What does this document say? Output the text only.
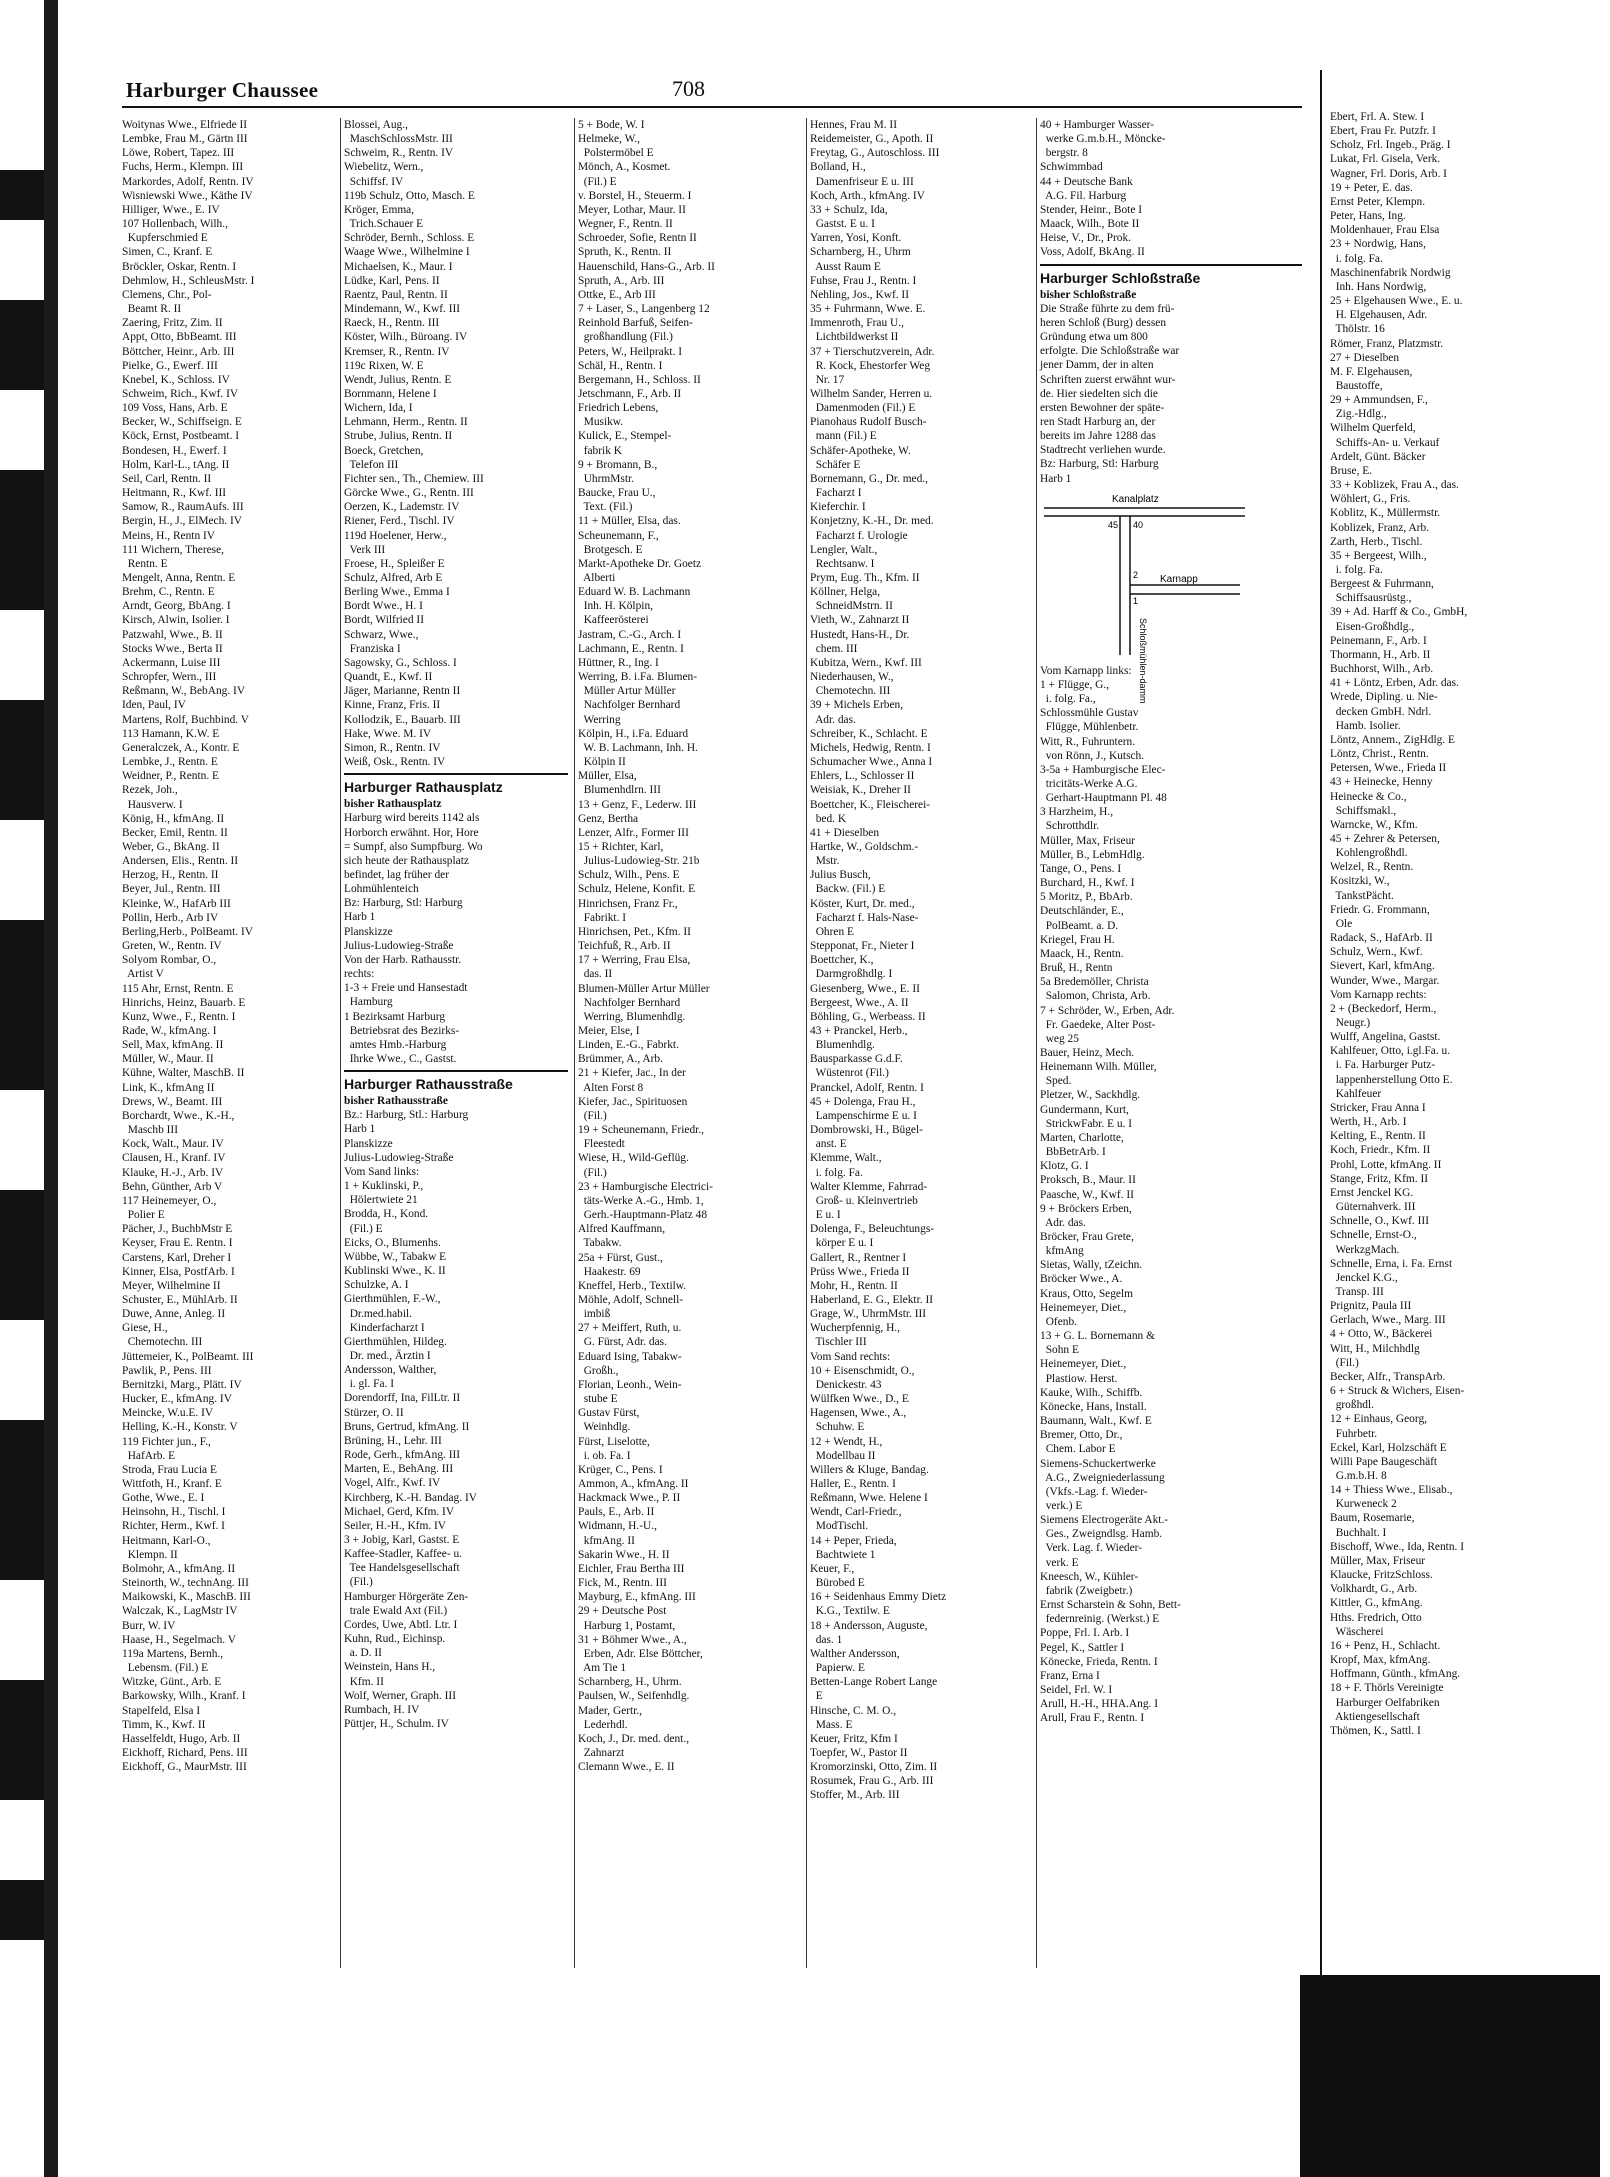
Harburger Chaussee	708
Woitynas Wwe., Elfriede II
Lembke, Frau M., Gärtn III
Löwe, Robert, Tapez. III
Fuchs, Herm., Klempn. III
Markordes, Adolf, Rentn. IV
Wisniewski Wwe., Käthe IV
Hilliger, Wwe., E. IV
107 Hollenbach, Wilh.,
Kupferschmied E
Simen, C., Kranf. E
Bröckler, Oskar, Rentn. I
Dehmlow, H., SchleusMstr. I
Clemens, Chr., Pol-
Beamt R. II
Zaering, Fritz, Zim. II
Appt, Otto, BbBeamt. III
Böttcher, Heinr., Arb. III
Pielke, G., Ewerf. III
Knebel, K., Schloss. IV
Schweim, Rich., Kwf. IV
109 Voss, Hans, Arb. E
Becker, W., Schiffseign. E
Köck, Ernst, Postbeamt. I
Bondesen, H., Ewerf. I
Holm, Karl-L., tAng. II
Seil, Carl, Rentn. II
Heitmann, R., Kwf. III
Samow, R., RaumAufs. III
Bergin, H., J., ElMech. IV
Meins, H., Rentn IV
111 Wichern, Therese,
Rentn. E
Mengelt, Anna, Rentn. E
Brehm, C., Rentn. E
Arndt, Georg, BbAng. I
Kirsch, Alwin, Isolier. I
Patzwahl, Wwe., B. II
Stocks Wwe., Berta II
Ackermann, Luise III
Schropfer, Wern., III
Reßmann, W., BebAng. IV
Iden, Paul, IV
Martens, Rolf, Buchbind. V
113 Hamann, K.W. E
Generalczek, A., Kontr. E
Lembke, J., Rentn. E
Weidner, P., Rentn. E
Rezek, Joh.,
Hausverw. I
König, H., kfmAng. II
Becker, Emil, Rentn. II
Weber, G., BkAng. II
Andersen, Elis., Rentn. II
Herzog, H., Rentn. II
Beyer, Jul., Rentn. III
Kleinke, W., HafArb III
Pollin, Herb., Arb IV
Berling,Herb., PolBeamt. IV
Greten, W., Rentn. IV
Solyom Rombar, O.,
Artist V
115 Ahr, Ernst, Rentn. E
Hinrichs, Heinz, Bauarb. E
Kunz, Wwe., F., Rentn. I
Rade, W., kfmAng. I
Sell, Max, kfmAng. II
Müller, W., Maur. II
Kühne, Walter, MaschB. II
Link, K., kfmAng II
Drews, W., Beamt. III
Borchardt, Wwe., K.-H.,
Maschb III
Kock, Walt., Maur. IV
Clausen, H., Kranf. IV
Klauke, H.-J., Arb. IV
Behn, Günther, Arb V
117 Heinemeyer, O.,
Polier E
Pächer, J., BuchbMstr E
Keyser, Frau E. Rentn. I
Carstens, Karl, Dreher I
Kinner, Elsa, PostfArb. I
Meyer, Wilhelmine II
Schuster, E., MühlArb. II
Duwe, Anne, Anleg. II
Giese, H.,
Chemotechn. III
Jüttemeier, K., PolBeamt. III
Pawlik, P., Pens. III
Bernitzki, Marg., Plätt. IV
Hucker, E., kfmAng. IV
Meincke, W.u.E. IV
Helling, K.-H., Konstr. V
119 Fichter jun., F.,
HafArb. E
Stroda, Frau Lucia E
Wittfoth, H., Kranf. E
Gothe, Wwe., E. I
Heinsohn, H., Tischl. I
Richter, Herm., Kwf. I
Heitmann, Karl-O.,
Klempn. II
Bolmohr, A., kfmAng. II
Steinorth, W., technAng. III
Maikowski, K., MaschB. III
Walczak, K., LagMstr IV
Burr, W. IV
Haase, H., Segelmach. V
119a Martens, Bernh.,
Lebensm. (Fil.) E
Witzke, Günt., Arb. E
Barkowsky, Wilh., Kranf. I
Stapelfeld, Elsa I
Timm, K., Kwf. II
Hasselfeldt, Hugo, Arb. II
Eickhoff, Richard, Pens. III
Eickhoff, G., MaurMstr. III
Blossei, Aug.,
MaschSchlossMstr. III
Schweim, R., Rentn. IV
Wiebelitz, Wern.,
Schiffsf. IV
119b Schulz, Otto, Masch. E
Kröger, Emma,
Trich.Schauer E
Schröder, Bernh., Schloss. E
Waage Wwe., Wilhelmine I
Michaelsen, K., Maur. I
Lüdke, Karl, Pens. II
Raentz, Paul, Rentn. II
Mindemann, W., Kwf. III
Raeck, H., Rentn. III
Köster, Wilh., Büroang. IV
Kremser, R., Rentn. IV
119c Rixen, W. E
Wendt, Julius, Rentn. E
Bornmann, Helene I
Wichern, Ida, I
Lehmann, Herm., Rentn. II
Strube, Julius, Rentn. II
Boeck, Gretchen,
Telefon III
Fichter sen., Th., Chemiew. III
Görcke Wwe., G., Rentn. III
Oerzen, K., Lademstr. IV
Riener, Ferd., Tischl. IV
119d Hoelener, Herw.,
Verk III
Froese, H., Spleißer E
Schulz, Alfred, Arb E
Berling Wwe., Emma I
Bordt Wwe., H. I
Bordt, Wilfried II
Schwarz, Wwe.,
Franziska I
Sagowsky, G., Schloss. I
Quandt, E., Kwf. II
Jäger, Marianne, Rentn II
Kinne, Franz, Fris. II
Kollodzik, E., Bauarb. III
Hake, Wwe. M. IV
Simon, R., Rentn. IV
Weiß, Osk., Rentn. IV
Harburger Rathausplatz
bisher Rathausplatz
Harburg wird bereits 1142 als
Horborch erwähnt. Hor, Hore
= Sumpf, also Sumpfburg. Wo
sich heute der Rathausplatz
befindet, lag früher der
Lohmühlenteich
Bz: Harburg, Stl: Harburg
Harb 1
Planskizze
Julius-Ludowieg-Straße
Von der Harb. Rathausstr.
rechts:
1-3 + Freie und Hansestadt
Hamburg
1 Bezirksamt Harburg
Betriebsrat des Bezirks-
amtes Hmb.-Harburg
Ihrke Wwe., C., Gastst.
Harburger Rathausstraße
bisher Rathausstraße
Bz.: Harburg, Stl.: Harburg
Harb 1
Planskizze
Julius-Ludowieg-Straße
Vom Sand links:
1 + Kuklinski, P.,
Hölertwiete 21
Brodda, H., Kond.
(Fil.) E
Eicks, O., Blumenhs.
Wübbe, W., Tabakw E
Kublinski Wwe., K. II
Schulzke, A. I
Gierthmühlen, F.-W.,
Dr.med.habil.
Kinderfacharzt I
Gierthmühlen, Hildeg.
Dr. med., Ärztin I
Andersson, Walther,
i. gl. Fa. I
Dorendorff, Ina, FilLtr. II
Stürzer, O. II
Bruns, Gertrud, kfmAng. II
Brüning, H., Lehr. III
Rode, Gerh., kfmAng. III
Marten, E., BehAng. III
Vogel, Alfr., Kwf. IV
Kirchberg, K.-H. Bandag. IV
Michael, Gerd, Kfm. IV
Seiler, H.-H., Kfm. IV
3 + Jobig, Karl, Gastst. E
Kaffee-Stadler, Kaffee- u.
Tee Handelsgesellschaft
(Fil.)
Hamburger Hörgeräte Zen-
trale Ewald Axt (Fil.)
Cordes, Uwe, Abtl. Ltr. I
Kuhn, Rud., Eichinsp.
a. D. II
Weinstein, Hans H.,
Kfm. II
Wolf, Werner, Graph. III
Rumbach, H. IV
Püttjer, H., Schulm. IV
5 + Bode, W. I
Helmeke, W.,
Polstermöbel E
Mönch, A., Kosmet.
(Fil.) E
v. Borstel, H., Steuerm. I
Meyer, Lothar, Maur. II
Wegner, F., Rentn. II
Schroeder, Sofie, Rentn II
Spruth, K., Rentn. II
Hauenschild, Hans-G., Arb. II
Spruth, A., Arb. III
Ottke, E., Arb III
7 + Laser, S., Langenberg 12
Reinhold Barfuß, Seifen-
großhandlung (Fil.)
Peters, W., Heilprakt. I
Schäl, H., Rentn. I
Bergemann, H., Schloss. II
Jetschmann, F., Arb. II
Friedrich Lebens,
Musikw.
Kulick, E., Stempel-
fabrik K
9 + Bromann, B.,
UhrmMstr.
Baucke, Frau U.,
Text. (Fil.)
11 + Müller, Elsa, das.
Scheunemann, F.,
Brotgesch. E
Markt-Apotheke Dr. Goetz
Alberti
Eduard W. B. Lachmann
Inh. H. Kölpin,
Kaffeerösterei
Jastram, C.-G., Arch. I
Lachmann, E., Rentn. I
Hüttner, R., Ing. I
Werring, B. i.Fa. Blumen-
Müller Artur Müller
Nachfolger Bernhard
Werring
Kölpin, H., i.Fa. Eduard
W. B. Lachmann, Inh. H.
Kölpin II
Müller, Elsa,
Blumenhdlrn. III
13 + Genz, F., Lederw. III
Genz, Bertha
Lenzer, Alfr., Former III
15 + Richter, Karl,
Julius-Ludowieg-Str. 21b
Schulz, Wilh., Pens. E
Schulz, Helene, Konfit. E
Hinrichsen, Franz Fr.,
Fabrikt. I
Hinrichsen, Pet., Kfm. II
Teichfuß, R., Arb. II
17 + Werring, Frau Elsa,
das. II
Blumen-Müller Artur Müller
Nachfolger Bernhard
Werring, Blumenhdlg.
Meier, Else, I
Linden, E.-G., Fabrkt.
Brümmer, A., Arb.
21 + Kiefer, Jac., In der
Alten Forst 8
Kiefer, Jac., Spirituosen
(Fil.)
19 + Scheunemann, Friedr.,
Fleestedt
Wiese, H., Wild-Geflüg.
(Fil.)
23 + Hamburgische Electrici-
täts-Werke A.-G., Hmb. 1,
Gerh.-Hauptmann-Platz 48
Alfred Kauffmann,
Tabakw.
25a + Fürst, Gust.,
Haakestr. 69
Kneffel, Herb., Textilw.
Möhle, Adolf, Schnell-
imbiß
27 + Meiffert, Ruth, u.
G. Fürst, Adr. das.
Eduard Ising, Tabakw-
Großh.,
Florian, Leonh., Wein-
stube E
Gustav Fürst,
Weinhdlg.
Fürst, Liselotte,
i. ob. Fa. I
Krüger, C., Pens. I
Ammon, A., kfmAng. II
Hackmack Wwe., P. II
Pauls, E., Arb. II
Widmann, H.-U.,
kfmAng. II
Sakarin Wwe., H. II
Eichler, Frau Bertha III
Fick, M., Rentn. III
Mayburg, E., kfmAng. III
29 + Deutsche Post
Harburg 1, Postamt,
31 + Böhmer Wwe., A.,
Erben, Adr. Else Böttcher,
Am Tie 1
Scharnberg, H., Uhrm.
Paulsen, W., Seifenhdlg.
Mader, Gertr.,
Lederhdl.
Koch, J., Dr. med. dent.,
Zahnarzt
Clemann Wwe., E. II
Hennes, Frau M. II
Reidemeister, G., Apoth. II
Freytag, G., Autoschloss. III
Bolland, H.,
Damenfriseur E u. III
Koch, Arth., kfmAng. IV
33 + Schulz, Ida,
Gastst. E u. I
Yarren, Yosi, Konft.
Scharnberg, H., Uhrm
Ausst Raum E
Fuhse, Frau J., Rentn. I
Nehling, Jos., Kwf. II
35 + Fuhrmann, Wwe. E.
Immenroth, Frau U.,
Lichtbildwerkst II
37 + Tierschutzverein, Adr.
R. Kock, Ehestorfer Weg
Nr. 17
Wilhelm Sander, Herren u.
Damenmoden (Fil.) E
Pianohaus Rudolf Busch-
mann (Fil.) E
Schäfer-Apotheke, W.
Schäfer E
Bornemann, G., Dr. med.,
Facharzt I
Kieferchir. I
Konjetzny, K.-H., Dr. med.
Facharzt f. Urologie
Lengler, Walt.,
Rechtsanw. I
Prym, Eug. Th., Kfm. II
Köllner, Helga,
SchneidMstrn. II
Vieth, W., Zahnarzt II
Hustedt, Hans-H., Dr.
chem. III
Kubitza, Wern., Kwf. III
Niederhausen, W.,
Chemotechn. III
39 + Michels Erben,
Adr. das.
Schreiber, K., Schlacht. E
Michels, Hedwig, Rentn. I
Schumacher Wwe., Anna I
Ehlers, L., Schlosser II
Weisiak, K., Dreher II
Boettcher, K., Fleischerei-
bed. K
41 + Dieselben
Hartke, W., Goldschm.-
Mstr.
Julius Busch,
Backw. (Fil.) E
Köster, Kurt, Dr. med.,
Facharzt f. Hals-Nase-
Ohren E
Stepponat, Fr., Nieter I
Boettcher, K.,
Darmgroßhdlg. I
Giesenberg, Wwe., E. II
Bergeest, Wwe., A. II
Böhling, G., Werbeass. II
43 + Pranckel, Herb.,
Blumenhdlg.
Bausparkasse G.d.F.
Wüstenrot (Fil.)
Pranckel, Adolf, Rentn. I
45 + Dolenga, Frau H.,
Lampenschirme E u. I
Dombrowski, H., Bügel-
anst. E
Klemme, Walt.,
i. folg. Fa.
Walter Klemme, Fahrrad-
Groß- u. Kleinvertrieb
E u. I
Dolenga, F., Beleuchtungs-
körper E u. I
Gallert, R., Rentner I
Prüss Wwe., Frieda II
Mohr, H., Rentn. II
Haberland, E. G., Elektr. II
Grage, W., UhrmMstr. III
Wucherpfennig, H.,
Tischler III
Vom Sand rechts:
10 + Eisenschmidt, O.,
Denickestr. 43
Wülfken Wwe., D., E
Hagensen, Wwe., A.,
Schuhw. E
12 + Wendt, H.,
Modellbau II
Willers & Kluge, Bandag.
Haller, E., Rentn. I
Reßmann, Wwe. Helene I
Wendt, Carl-Friedr.,
ModTischl.
14 + Peper, Frieda,
Bachtwiete 1
Keuer, F.,
Bürobed E
16 + Seidenhaus Emmy Dietz
K.G., Textilw. E
18 + Andersson, Auguste,
das. 1
Walther Andersson,
Papierw. E
Betten-Lange Robert Lange
E
Hinsche, C. M. O.,
Mass. E
Keuer, Fritz, Kfm I
Toepfer, W., Pastor II
Kromorzinski, Otto, Zim. II
Rosumek, Frau G., Arb. III
Stoffer, M., Arb. III
40 + Hamburger Wasser-
werke G.m.b.H., Möncke-
bergstr. 8
Schwimmbad
44 + Deutsche Bank
A.G. Fil. Harburg
Stender, Heinr., Bote I
Maack, Wilh., Bote II
Heise, V., Dr., Prok.
Voss, Adolf, BkAng. II
Harburger Schloßstraße
bisher Schloßstraße
Die Straße führte zu dem frü-
heren Schloß (Burg) dessen
Gründung etwa um 800
erfolgte. Die Schloßstraße war
jener Damm, der in alten
Schriften zuerst erwähnt wur-
de. Hier siedelten sich die
ersten Bewohner der späte-
ren Stadt Harburg an, der
bereits im Jahre 1288 das
Stadtrecht verliehen wurde.
Bz: Harburg, Stl: Harburg
Harb 1
Kanalplatz
Karnapp
Schloßmühlen-damm
45 40
2
1
Vom Karnapp links:
1 + Flügge, G.,
i. folg. Fa.,
Schlossmühle Gustav
Flügge, Mühlenbetr.
Witt, R., Fuhruntern.
von Rönn, J., Kutsch.
3-5a + Hamburgische Elec-
tricitäts-Werke A.G.
Gerhart-Hauptmann Pl. 48
3 Harzheim, H.,
Schrotthdlr.
Müller, Max, Friseur
Müller, B., LebmHdlg.
Tange, O., Pens. I
Burchard, H., Kwf. I
5 Moritz, P., BbArb.
Deutschländer, E.,
PolBeamt. a. D.
Kriegel, Frau H.
Maack, H., Rentn.
Bruß, H., Rentn
5a Bredemöller, Christa
Salomon, Christa, Arb.
7 + Schröder, W., Erben, Adr.
Fr. Gaedeke, Alter Post-
weg 25
Bauer, Heinz, Mech.
Heinemann Wilh. Müller,
Sped.
Pletzer, W., Sackhdlg.
Gundermann, Kurt,
StrickwFabr. E u. I
Marten, Charlotte,
BbBetrArb. I
Klotz, G. I
Proksch, B., Maur. II
Paasche, W., Kwf. II
9 + Bröckers Erben,
Adr. das.
Bröcker, Frau Grete,
kfmAng
Sietas, Wally, tZeichn.
Bröcker Wwe., A.
Kraus, Otto, Segelm
Heinemeyer, Diet.,
Ofenb.
13 + G. L. Bornemann &
Sohn E
Heinemeyer, Diet.,
Plastiow. Herst.
Kauke, Wilh., Schiffb.
Könecke, Hans, Install.
Baumann, Walt., Kwf. E
Bremer, Otto, Dr.,
Chem. Labor E
Siemens-Schuckertwerke
A.G., Zweigniederlassung
(Vkfs.-Lag. f. Wieder-
verk.) E
Siemens Electrogeräte Akt.-
Ges., Zweigndlsg. Hamb.
Verk. Lag. f. Wieder-
verk. E
Kneesch, W., Kühler-
fabrik (Zweigbetr.)
Ernst Scharstein & Sohn, Bett-
federnreinig. (Werkst.) E
Poppe, Frl. I. Arb. I
Pegel, K., Sattler I
Könecke, Frieda, Rentn. I
Franz, Erna I
Seidel, Frl. W. I
Arull, H.-H., HHA.Ang. I
Arull, Frau F., Rentn. I
Ebert, Frl. A. Stew. I
Ebert, Frau Fr. Putzfr. I
Scholz, Frl. Ingeb., Präg. I
Lukat, Frl. Gisela, Verk.
Wagner, Frl. Doris, Arb. I
19 + Peter, E. das.
Ernst Peter, Klempn.
Peter, Hans, Ing.
Moldenhauer, Frau Elsa
23 + Nordwig, Hans,
i. folg. Fa.
Maschinenfabrik Nordwig
Inh. Hans Nordwig,
25 + Elgehausen Wwe., E. u.
H. Elgehausen, Adr.
Thölstr. 16
Römer, Franz, Platzmstr.
27 + Dieselben
M. F. Elgehausen,
Baustoffe,
29 + Ammundsen, F.,
Zig.-Hdlg.,
Wilhelm Querfeld,
Schiffs-An- u. Verkauf
Ardelt, Günt. Bäcker
Bruse, E.
33 + Koblizek, Frau A., das.
Wöhlert, G., Fris.
Koblitz, K., Müllermstr.
Koblizek, Franz, Arb.
Zarth, Herb., Tischl.
35 + Bergeest, Wilh.,
i. folg. Fa.
Bergeest & Fuhrmann,
Schiffsausrüstg.,
39 + Ad. Harff & Co., GmbH,
Eisen-Großhdlg.,
Peinemann, F., Arb. I
Thormann, H., Arb. II
Buchhorst, Wilh., Arb.
41 + Löntz, Erben, Adr. das.
Wrede, Dipling. u. Nie-
decken GmbH. Ndrl.
Hamb. Isolier.
Löntz, Annem., ZigHdlg. E
Löntz, Christ., Rentn.
Petersen, Wwe., Frieda II
43 + Heinecke, Henny
Heinecke & Co.,
Schiffsmakl.,
Warncke, W., Kfm.
45 + Zehrer & Petersen,
Kohlengroßhdl.
Welzel, R., Rentn.
Kositzki, W.,
TankstPächt.
Friedr. G. Frommann,
Ole
Radack, S., HafArb. II
Schulz, Wern., Kwf.
Sievert, Karl, kfmAng.
Wunder, Wwe., Margar.
Vom Karnapp rechts:
2 + (Beckedorf, Herm.,
Neugr.)
Wulff, Angelina, Gastst.
Kahlfeuer, Otto, i.gl.Fa. u.
i. Fa. Harburger Putz-
lappenherstellung Otto E.
Kahlfeuer
Stricker, Frau Anna I
Werth, H., Arb. I
Kelting, E., Rentn. II
Koch, Friedr., Kfm. II
Prohl, Lotte, kfmAng. II
Stange, Fritz, Kfm. II
Ernst Jenckel KG.
Güternahverk. III
Schnelle, O., Kwf. III
Schnelle, Ernst-O.,
WerkzgMach.
Schnelle, Erna, i. Fa. Ernst
Jenckel K.G.,
Transp. III
Prignitz, Paula III
Gerlach, Wwe., Marg. III
4 + Otto, W., Bäckerei
Witt, H., Milchhdlg
(Fil.)
Becker, Alfr., TranspArb.
6 + Struck & Wichers, Eisen-
großhdl.
12 + Einhaus, Georg,
Fuhrbetr.
Eckel, Karl, Holzschäft E
Willi Pape Baugeschäft
G.m.b.H. 8
14 + Thiess Wwe., Elisab.,
Kurweneck 2
Baum, Rosemarie,
Buchhalt. I
Bischoff, Wwe., Ida, Rentn. I
Müller, Max, Friseur
Klaucke, FritzSchloss.
Volkhardt, G., Arb.
Kittler, G., kfmAng.
Hths. Fredrich, Otto
Wäscherei
16 + Penz, H., Schlacht.
Kropf, Max, kfmAng.
Hoffmann, Günth., kfmAng.
18 + F. Thörls Vereinigte
Harburger Oelfabriken
Aktiengesellschaft
Thömen, K., Sattl. I
